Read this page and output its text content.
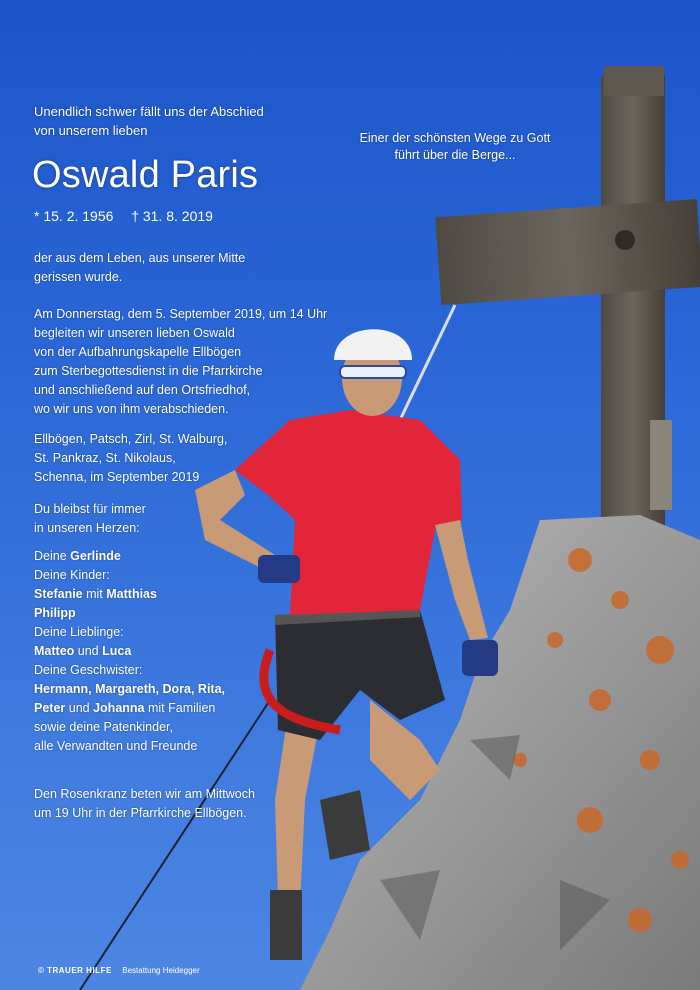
Unendlich schwer fällt uns der Abschied
von unserem lieben
Oswald Paris
* 15. 2. 1956 † 31. 8. 2019
Einer der schönsten Wege zu Gott
führt über die Berge...
der aus dem Leben, aus unserer Mitte
gerissen wurde.
Am Donnerstag, dem 5. September 2019, um 14 Uhr
begleiten wir unseren lieben Oswald
von der Aufbahrungskapelle Ellbögen
zum Sterbegottesdienst in die Pfarrkirche
und anschließend auf den Ortsfriedhof,
wo wir uns von ihm verabschieden.
Ellbögen, Patsch, Zirl, St. Walburg,
St. Pankraz, St. Nikolaus,
Schenna, im September 2019
Du bleibst für immer
in unseren Herzen:
Deine Gerlinde
Deine Kinder:
Stefanie mit Matthias
Philipp
Deine Lieblinge:
Matteo und Luca
Deine Geschwister:
Hermann, Margareth, Dora, Rita,
Peter und Johanna mit Familien
sowie deine Patenkinder,
alle Verwandten und Freunde
Den Rosenkranz beten wir am Mittwoch
um 19 Uhr in der Pfarrkirche Ellbögen.
© TRAUER HILFE Bestattung Heidegger
